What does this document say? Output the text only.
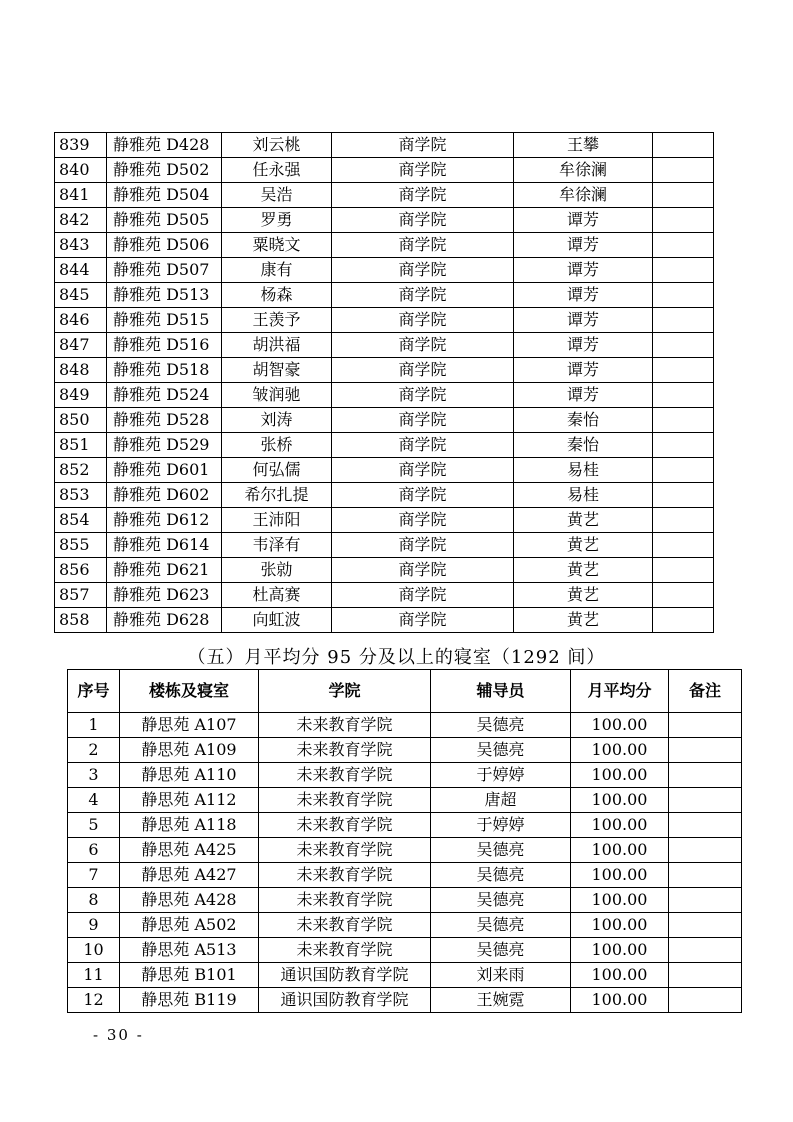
839	静雅苑 D428	刘云桃	商学院	王攀	
840	静雅苑 D502	任永强	商学院	牟徐澜	
841	静雅苑 D504	吴浩	商学院	牟徐澜	
842	静雅苑 D505	罗勇	商学院	谭芳	
843	静雅苑 D506	粟晓文	商学院	谭芳	
844	静雅苑 D507	康有	商学院	谭芳	
845	静雅苑 D513	杨森	商学院	谭芳	
846	静雅苑 D515	王羡予	商学院	谭芳	
847	静雅苑 D516	胡洪福	商学院	谭芳	
848	静雅苑 D518	胡智豪	商学院	谭芳	
849	静雅苑 D524	皱润驰	商学院	谭芳	
850	静雅苑 D528	刘涛	商学院	秦怡	
851	静雅苑 D529	张桥	商学院	秦怡	
852	静雅苑 D601	何弘儒	商学院	易桂	
853	静雅苑 D602	希尔扎提	商学院	易桂	
854	静雅苑 D612	王沛阳	商学院	黄艺	
855	静雅苑 D614	韦泽有	商学院	黄艺	
856	静雅苑 D621	张勍	商学院	黄艺	
857	静雅苑 D623	杜高赛	商学院	黄艺	
858	静雅苑 D628	向虹波	商学院	黄艺	
（五）月平均分 95 分及以上的寝室（1292 间）
序号	楼栋及寝室	学院	辅导员	月平均分	备注
1	静思苑 A107	未来教育学院	吴德亮	100.00	
2	静思苑 A109	未来教育学院	吴德亮	100.00	
3	静思苑 A110	未来教育学院	于婷婷	100.00	
4	静思苑 A112	未来教育学院	唐超	100.00	
5	静思苑 A118	未来教育学院	于婷婷	100.00	
6	静思苑 A425	未来教育学院	吴德亮	100.00	
7	静思苑 A427	未来教育学院	吴德亮	100.00	
8	静思苑 A428	未来教育学院	吴德亮	100.00	
9	静思苑 A502	未来教育学院	吴德亮	100.00	
10	静思苑 A513	未来教育学院	吴德亮	100.00	
11	静思苑 B101	通识国防教育学院	刘来雨	100.00	
12	静思苑 B119	通识国防教育学院	王婉霓	100.00	
- 30 -
